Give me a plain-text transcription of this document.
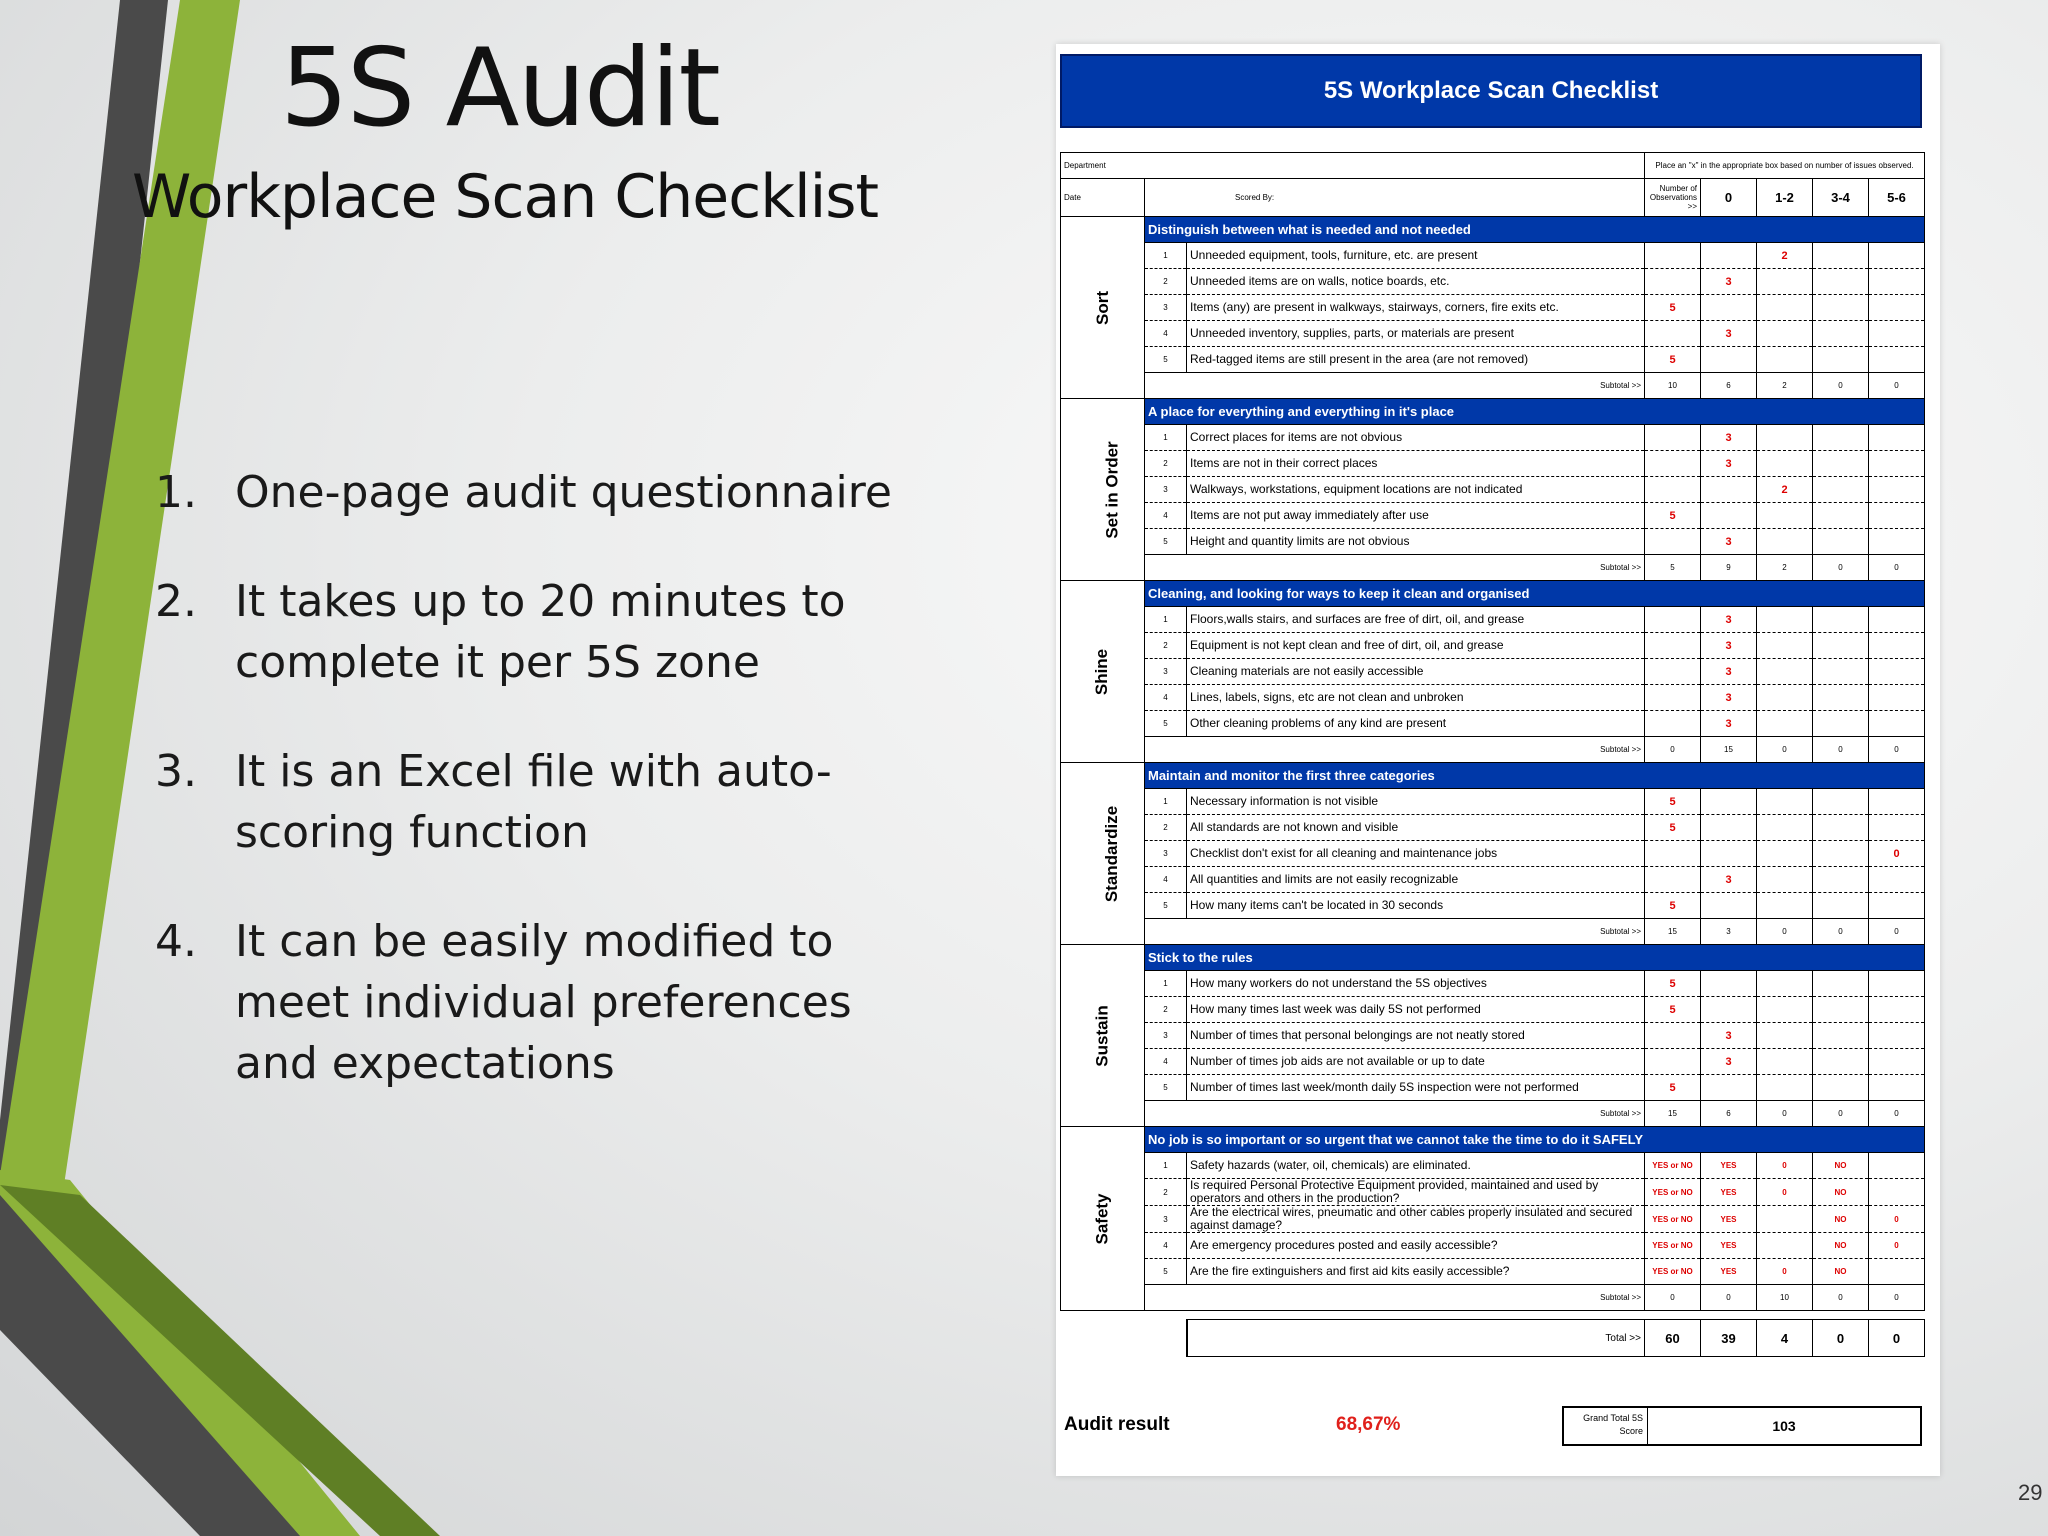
5S Audit
Workplace Scan Checklist
1. One-page audit questionnaire
2. It takes up to 20 minutes to complete it per 5S zone
3. It is an Excel file with auto-scoring function
4. It can be easily modified to meet individual preferences and expectations
5S Workplace Scan Checklist
Department			Place an "x" in the appropriate box based on number of issues observed.					
Date	Scored By:		Number of Observations >>	0	1-2	3-4	5-6	
Sort	Distinguish between what is needed and not needed							
	1	Unneeded equipment, tools, furniture, etc. are present			2			
	2	Unneeded items are on walls, notice boards, etc.		3				
	3	Items (any) are present in walkways, stairways, corners, fire exits etc.	5					
	4	Unneeded inventory, supplies, parts, or materials are present		3				
	5	Red-tagged items are still present in the area (are not removed)	5					
	Subtotal >>		10	6	2	0	0	
Set in Order	A place for everything and everything in it's place							
	1	Correct places for items are not obvious		3				
	2	Items are not in their correct places		3				
	3	Walkways, workstations, equipment locations are not indicated			2			
	4	Items are not put away immediately after use	5					
	5	Height and quantity limits are not obvious		3				
	Subtotal >>		5	9	2	0	0	
Shine	Cleaning, and looking for ways to keep it clean and organised							
	1	Floors,walls stairs, and surfaces are free of dirt, oil, and grease		3				
	2	Equipment is not kept clean and free of dirt, oil, and grease		3				
	3	Cleaning materials are not easily accessible		3				
	4	Lines, labels, signs, etc are not clean and unbroken		3				
	5	Other cleaning problems of any kind are present		3				
	Subtotal >>		0	15	0	0	0	
Standardize	Maintain and monitor the first three categories							
	1	Necessary information is not visible	5					
	2	All standards are not known and visible	5					
	3	Checklist don't exist for all cleaning and maintenance jobs					0	
	4	All quantities and limits are not easily recognizable		3				
	5	How many items can't be located in 30 seconds	5					
	Subtotal >>		15	3	0	0	0	
Sustain	Stick to the rules							
	1	How many workers do not understand the 5S objectives	5					
	2	How many times last week was daily 5S not performed	5					
	3	Number of times that personal belongings are not neatly stored		3				
	4	Number of times job aids are not available or up to date		3				
	5	Number of times last week/month daily 5S inspection were not performed	5					
	Subtotal >>		15	6	0	0	0	
Safety	No job is so important or so urgent that we cannot take the time to do it SAFELY							
	1	Safety hazards (water, oil, chemicals) are eliminated.	YES or NO	YES	0	NO		
	2	Is required Personal Protective Equipment provided, maintained and used by operators and others in the production?	YES or NO	YES	0	NO		
	3	Are the electrical wires, pneumatic and other cables properly insulated and secured against damage?	YES or NO	YES		NO	0	
	4	Are emergency procedures posted and easily accessible?	YES or NO	YES		NO	0	
	5	Are the fire extinguishers and first aid kits easily accessible?	YES or NO	YES	0	NO		
	Subtotal >>		0	0	10	0	0	

		Total >>	60	39	4	0	0	
Audit result	68,67%	Grand Total 5S Score	103
29
